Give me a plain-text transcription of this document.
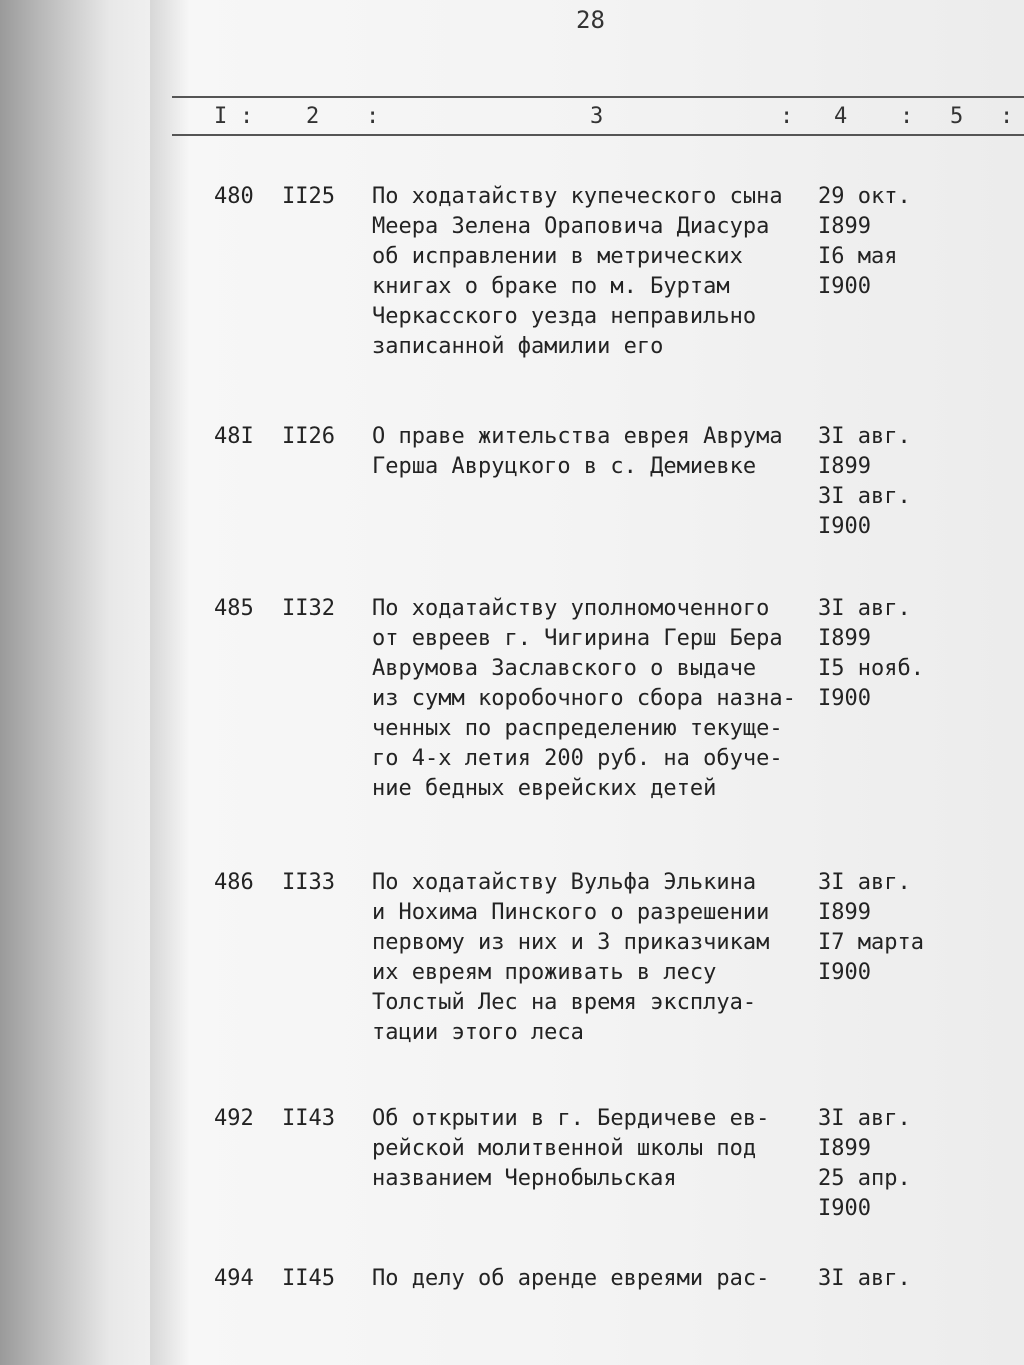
28
I : 2 :	3	: 4 : 5 :
480 II25 По ходатайству купеческого сына
Меера Зелена Ораповича Диасура
об исправлении в метрических
книгах о браке по м. Буртам
Черкасского уезда неправильно
записанной фамилии его
29 окт.
I899
I6 мая
I900
48I II26 О праве жительства еврея Аврума
Герша Авруцкого в с. Демиевке
3I авг.
I899
3I авг.
I900
485 II32 По ходатайству уполномоченного
от евреев г. Чигирина Герш Бера
Аврумова Заславского о выдаче
из сумм коробочного сбора назна-
ченных по распределению текуще-
го 4-х летия 200 руб. на обуче-
ние бедных еврейских детей
3I авг.
I899
I5 нояб.
I900
486 II33 По ходатайству Вульфа Элькина
и Нохима Пинского о разрешении
первому из них и 3 приказчикам
их евреям проживать в лесу
Толстый Лес на время эксплуа-
тации этого леса
3I авг.
I899
I7 марта
I900
492 II43 Об открытии в г. Бердичеве ев-
рейской молитвенной школы под
названием Чернобыльская
3I авг.
I899
25 апр.
I900
494 II45 По делу об аренде евреями рас- 3I авг.
